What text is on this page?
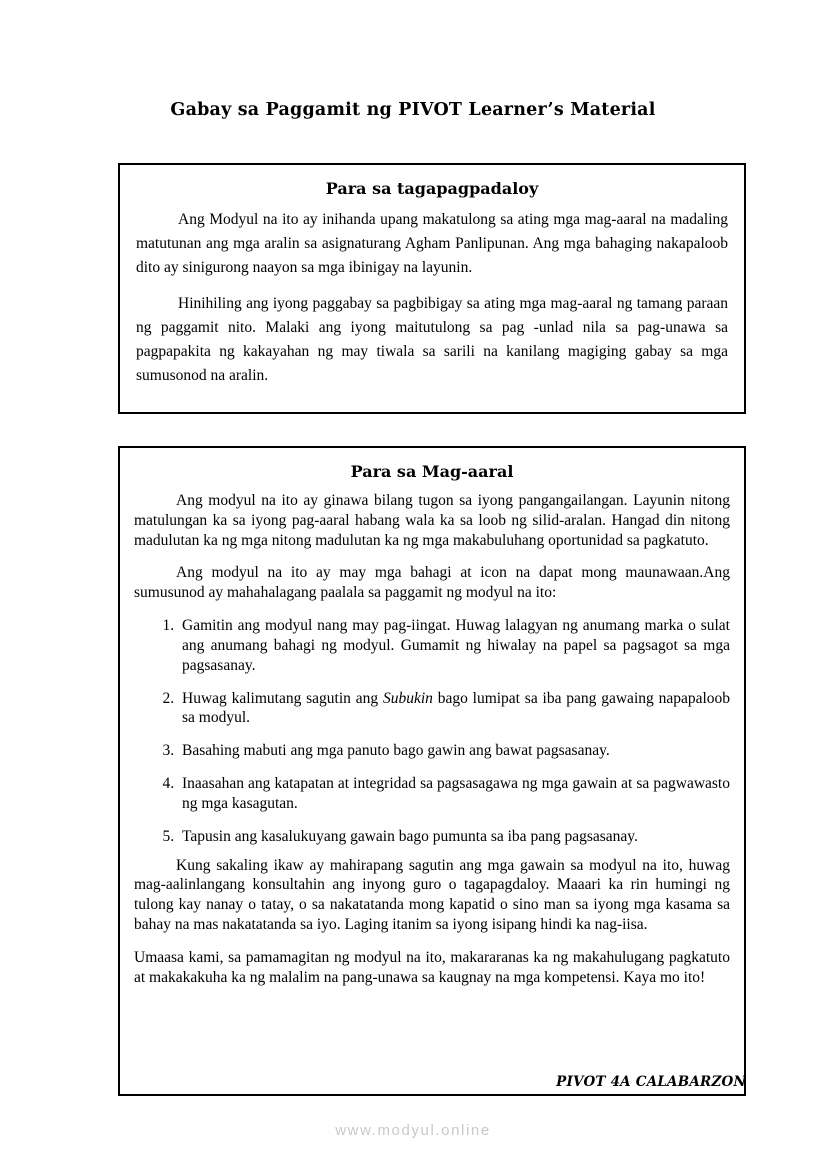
Gabay sa Paggamit ng PIVOT Learner’s Material
Para sa tagapagpadaloy

Ang Modyul na ito ay inihanda upang makatulong sa ating mga mag-aaral na madaling matutunan ang mga aralin sa asignaturang Agham Panlipunan. Ang mga bahaging nakapaloob dito ay sinigurong naayon sa mga ibinigay na layunin.

Hinihiling ang iyong paggabay sa pagbibigay sa ating mga mag-aaral ng tamang paraan ng paggamit nito. Malaki ang iyong maitutulong sa pag -unlad nila sa pag-unawa sa pagpapakita ng kakayahan ng may tiwala sa sarili na kanilang magiging gabay sa mga sumusonod na aralin.

Para sa Mag-aaral

Ang modyul na ito ay ginawa bilang tugon sa iyong pangangailangan. Layunin nitong matulungan ka sa iyong pag-aaral habang wala ka sa loob ng silid-aralan. Hangad din nitong madulutan ka ng mga nitong madulutan ka ng mga makabuluhang oportunidad sa pagkatuto.

Ang modyul na ito ay may mga bahagi at icon na dapat mong maunawaan.Ang sumusunod ay mahahalagang paalala sa paggamit ng modyul na ito:

1. Gamitin ang modyul nang may pag-iingat. Huwag lalagyan ng anumang marka o sulat ang anumang bahagi ng modyul. Gumamit ng hiwalay na papel sa pagsagot sa mga pagsasanay.
2. Huwag kalimutang sagutin ang Subukin bago lumipat sa iba pang gawaing napapaloob sa modyul.
3. Basahing mabuti ang mga panuto bago gawin ang bawat pagsasanay.
4. Inaasahan ang katapatan at integridad sa pagsasagawa ng mga gawain at sa pagwawasto ng mga kasagutan.
5. Tapusin ang kasalukuyang gawain bago pumunta sa iba pang pagsasanay.

Kung sakaling ikaw ay mahirapang sagutin ang mga gawain sa modyul na ito, huwag mag-aalinlangang konsultahin ang inyong guro o tagapagdaloy. Maaari ka rin humingi ng tulong kay nanay o tatay, o sa nakatatanda mong kapatid o sino man sa iyong mga kasama sa bahay na mas nakatatanda sa iyo. Laging itanim sa iyong isipang hindi ka nag-iisa.

Umaasa kami, sa pamamagitan ng modyul na ito, makararanas ka ng makahulugang pagkatuto at makakakuha ka ng malalim na pang-unawa sa kaugnay na mga kompetensi. Kaya mo ito!

PIVOT 4A CALABARZON
www.modyul.online
